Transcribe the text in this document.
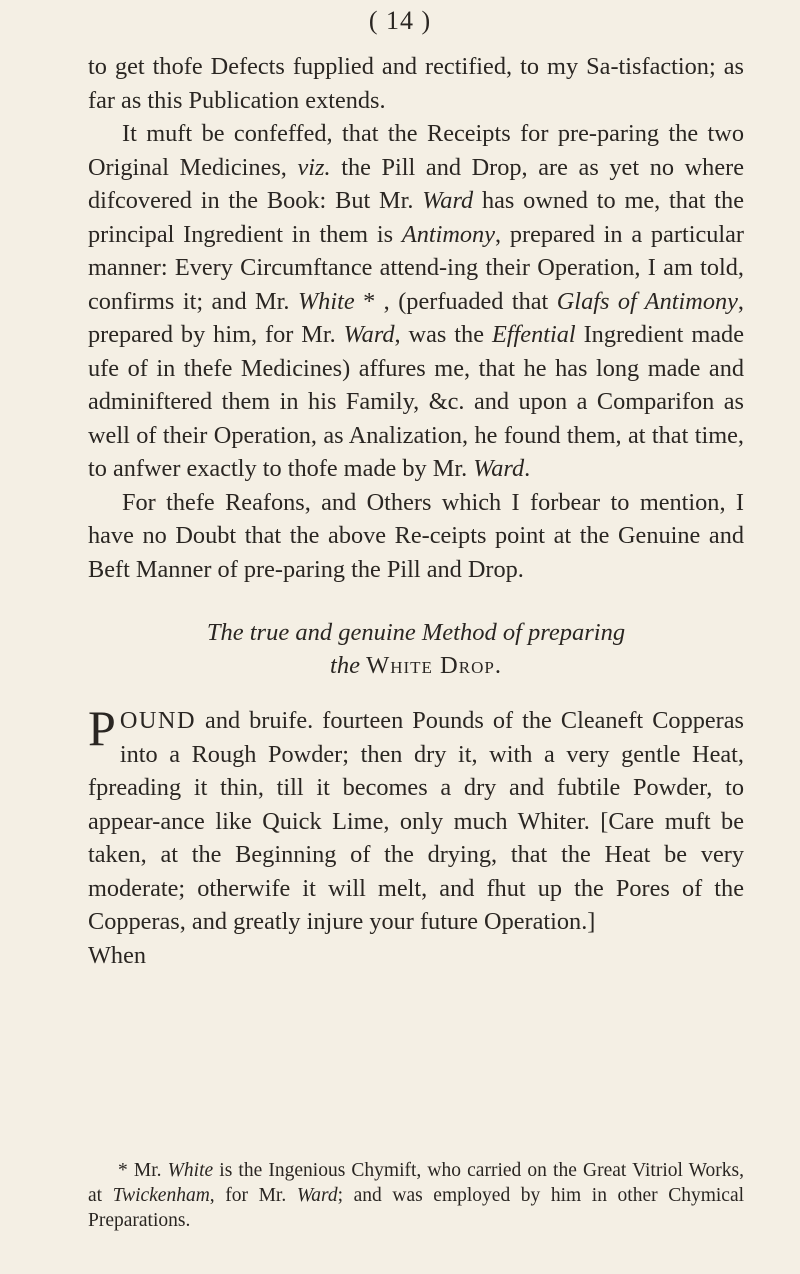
( 14 )

to get thofe Defects fupplied and rectified, to my Sa-tisfaction; as far as this Publication extends.

It muft be confeffed, that the Receipts for pre-paring the two Original Medicines, viz. the Pill and Drop, are as yet no where difcovered in the Book: But Mr. Ward has owned to me, that the principal Ingredient in them is Antimony, prepared in a particular manner: Every Circumftance attend-ing their Operation, I am told, confirms it; and Mr. White * , (perfuaded that Glafs of Antimony, prepared by him, for Mr. Ward, was the Effential Ingredient made ufe of in thefe Medicines) affures me, that he has long made and adminiftered them in his Family, &c. and upon a Comparifon as well of their Operation, as Analization, he found them, at that time, to anfwer exactly to thofe made by Mr. Ward.

For thefe Reafons, and Others which I forbear to mention, I have no Doubt that the above Re-ceipts point at the Genuine and Beft Manner of pre-paring the Pill and Drop.

The true and genuine Method of preparing
the White Drop.

POUND and bruife. fourteen Pounds of the Cleaneft Copperas into a Rough Powder; then dry it, with a very gentle Heat, fpreading it thin, till it becomes a dry and fubtile Powder, to appear-ance like Quick Lime, only much Whiter. [Care muft be taken, at the Beginning of the drying, that the Heat be very moderate; otherwife it will melt, and fhut up the Pores of the Copperas, and greatly injure your future Operation.]

When

* Mr. White is the Ingenious Chymift, who carried on the Great Vitriol Works, at Twickenham, for Mr. Ward; and was employed by him in other Chymical Preparations.
